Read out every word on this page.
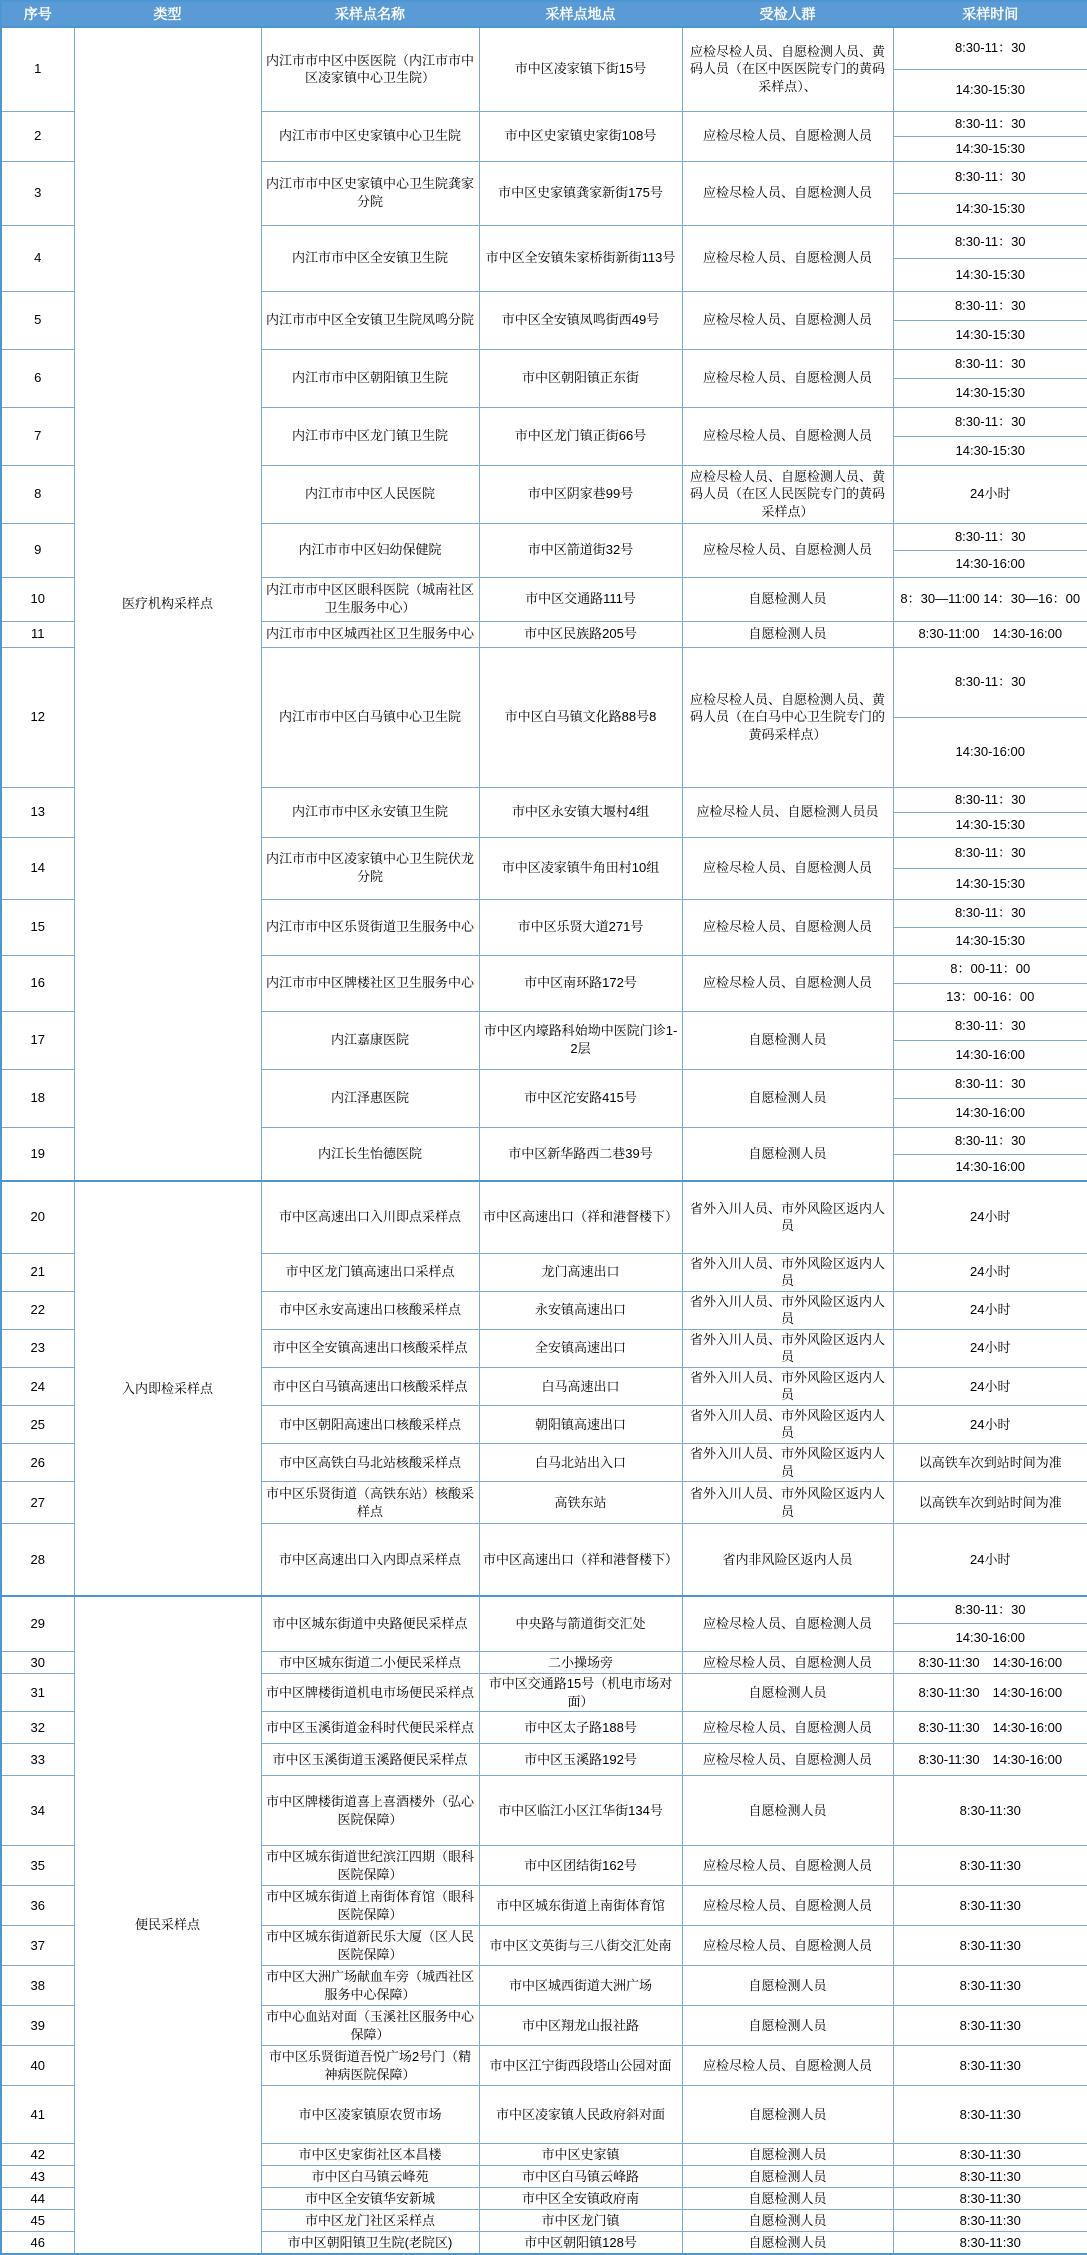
序号	类型	采样点名称	采样点地点	受检人群	采样时间
1	医疗机构采样点	内江市市中区中医医院（内江市市中区凌家镇中心卫生院）	市中区凌家镇下街15号	应检尽检人员、自愿检测人员、黄码人员（在区中医医院专门的黄码采样点）、	8:30-11：30
					14:30-15:30
2		内江市市中区史家镇中心卫生院	市中区史家镇史家街108号	应检尽检人员、自愿检测人员	8:30-11：30
					14:30-15:30
3		内江市市中区史家镇中心卫生院龚家分院	市中区史家镇龚家新街175号	应检尽检人员、自愿检测人员	8:30-11：30
					14:30-15:30
4		内江市市中区全安镇卫生院	市中区全安镇朱家桥街新街113号	应检尽检人员、自愿检测人员	8:30-11：30
					14:30-15:30
5		内江市市中区全安镇卫生院凤鸣分院	市中区全安镇凤鸣街西49号	应检尽检人员、自愿检测人员	8:30-11：30
					14:30-15:30
6		内江市市中区朝阳镇卫生院	市中区朝阳镇正东街	应检尽检人员、自愿检测人员	8:30-11：30
					14:30-15:30
7		内江市市中区龙门镇卫生院	市中区龙门镇正街66号	应检尽检人员、自愿检测人员	8:30-11：30
					14:30-15:30
8		内江市市中区人民医院	市中区阴家巷99号	应检尽检人员、自愿检测人员、黄码人员（在区人民医院专门的黄码采样点）	24小时
9		内江市市中区妇幼保健院	市中区箭道街32号	应检尽检人员、自愿检测人员	8:30-11：30
					14:30-16:00
10		内江市市中区区眼科医院（城南社区卫生服务中心）	市中区交通路111号	自愿检测人员	8：30—11:00 14：30—16：00
11		内江市市中区城西社区卫生服务中心	市中区民族路205号	自愿检测人员	8:30-11:00　14:30-16:00
12		内江市市中区白马镇中心卫生院	市中区白马镇文化路88号8	应检尽检人员、自愿检测人员、黄码人员（在白马中心卫生院专门的黄码采样点）	8:30-11：30
					14:30-16:00
13		内江市市中区永安镇卫生院	市中区永安镇大堰村4组	应检尽检人员、自愿检测人员员	8:30-11：30
					14:30-15:30
14		内江市市中区凌家镇中心卫生院伏龙分院	市中区凌家镇牛角田村10组	应检尽检人员、自愿检测人员	8:30-11：30
					14:30-15:30
15		内江市市中区乐贤街道卫生服务中心	市中区乐贤大道271号	应检尽检人员、自愿检测人员	8:30-11：30
					14:30-15:30
16		内江市市中区牌楼社区卫生服务中心	市中区南环路172号	应检尽检人员、自愿检测人员	8：00-11：00
					13：00-16：00
17		内江嘉康医院	市中区内壕路科始坳中医院门诊1-2层	自愿检测人员	8:30-11：30
					14:30-16:00
18		内江泽惠医院	市中区沱安路415号	自愿检测人员	8:30-11：30
					14:30-16:00
19		内江长生怡德医院	市中区新华路西二巷39号	自愿检测人员	8:30-11：30
					14:30-16:00
20	入内即检采样点	市中区高速出口入川即点采样点	市中区高速出口（祥和港督楼下）	省外入川人员、市外风险区返内人员	24小时
21		市中区龙门镇高速出口采样点	龙门高速出口	省外入川人员、市外风险区返内人员	24小时
22		市中区永安高速出口核酸采样点	永安镇高速出口	省外入川人员、市外风险区返内人员	24小时
23		市中区全安镇高速出口核酸采样点	全安镇高速出口	省外入川人员、市外风险区返内人员	24小时
24		市中区白马镇高速出口核酸采样点	白马高速出口	省外入川人员、市外风险区返内人员	24小时
25		市中区朝阳高速出口核酸采样点	朝阳镇高速出口	省外入川人员、市外风险区返内人员	24小时
26		市中区高铁白马北站核酸采样点	白马北站出入口	省外入川人员、市外风险区返内人员	以高铁车次到站时间为准
27		市中区乐贤街道（高铁东站）核酸采样点	高铁东站	省外入川人员、市外风险区返内人员	以高铁车次到站时间为准
28		市中区高速出口入内即点采样点	市中区高速出口（祥和港督楼下）	省内非风险区返内人员	24小时
29	便民采样点	市中区城东街道中央路便民采样点	中央路与箭道街交汇处	应检尽检人员、自愿检测人员	8:30-11：30
					14:30-16:00
30		市中区城东街道二小便民采样点	二小操场旁	应检尽检人员、自愿检测人员	8:30-11:30　14:30-16:00
31		市中区牌楼街道机电市场便民采样点	市中区交通路15号（机电市场对面）	自愿检测人员	8:30-11:30　14:30-16:00
32		市中区玉溪街道金科时代便民采样点	市中区太子路188号	应检尽检人员、自愿检测人员	8:30-11:30　14:30-16:00
33		市中区玉溪街道玉溪路便民采样点	市中区玉溪路192号	应检尽检人员、自愿检测人员	8:30-11:30　14:30-16:00
34		市中区牌楼街道喜上喜酒楼外（弘心医院保障）	市中区临江小区江华街134号	自愿检测人员	8:30-11:30
35		市中区城东街道世纪滨江四期（眼科医院保障）	市中区团结街162号	应检尽检人员、自愿检测人员	8:30-11:30
36		市中区城东街道上南街体育馆（眼科医院保障）	市中区城东街道上南街体育馆	应检尽检人员、自愿检测人员	8:30-11:30
37		市中区城东街道新民乐大厦（区人民医院保障）	市中区文英街与三八街交汇处南	应检尽检人员、自愿检测人员	8:30-11:30
38		市中区大洲广场献血车旁（城西社区服务中心保障）	市中区城西街道大洲广场	自愿检测人员	8:30-11:30
39		市中心血站对面（玉溪社区服务中心保障）	市中区翔龙山报社路	自愿检测人员	8:30-11:30
40		市中区乐贤街道吾悦广场2号门（精神病医院保障）	市中区江宁街西段塔山公园对面	应检尽检人员、自愿检测人员	8:30-11:30
41		市中区凌家镇原农贸市场	市中区凌家镇人民政府斜对面	自愿检测人员	8:30-11:30
42		市中区史家街社区本昌楼	市中区史家镇	自愿检测人员	8:30-11:30
43		市中区白马镇云峰苑	市中区白马镇云峰路	自愿检测人员	8:30-11:30
44		市中区全安镇华安新城	市中区全安镇政府南	自愿检测人员	8:30-11:30
45		市中区龙门社区采样点	市中区龙门镇	自愿检测人员	8:30-11:30
46		市中区朝阳镇卫生院(老院区)	市中区朝阳镇128号	自愿检测人员	8:30-11:30
